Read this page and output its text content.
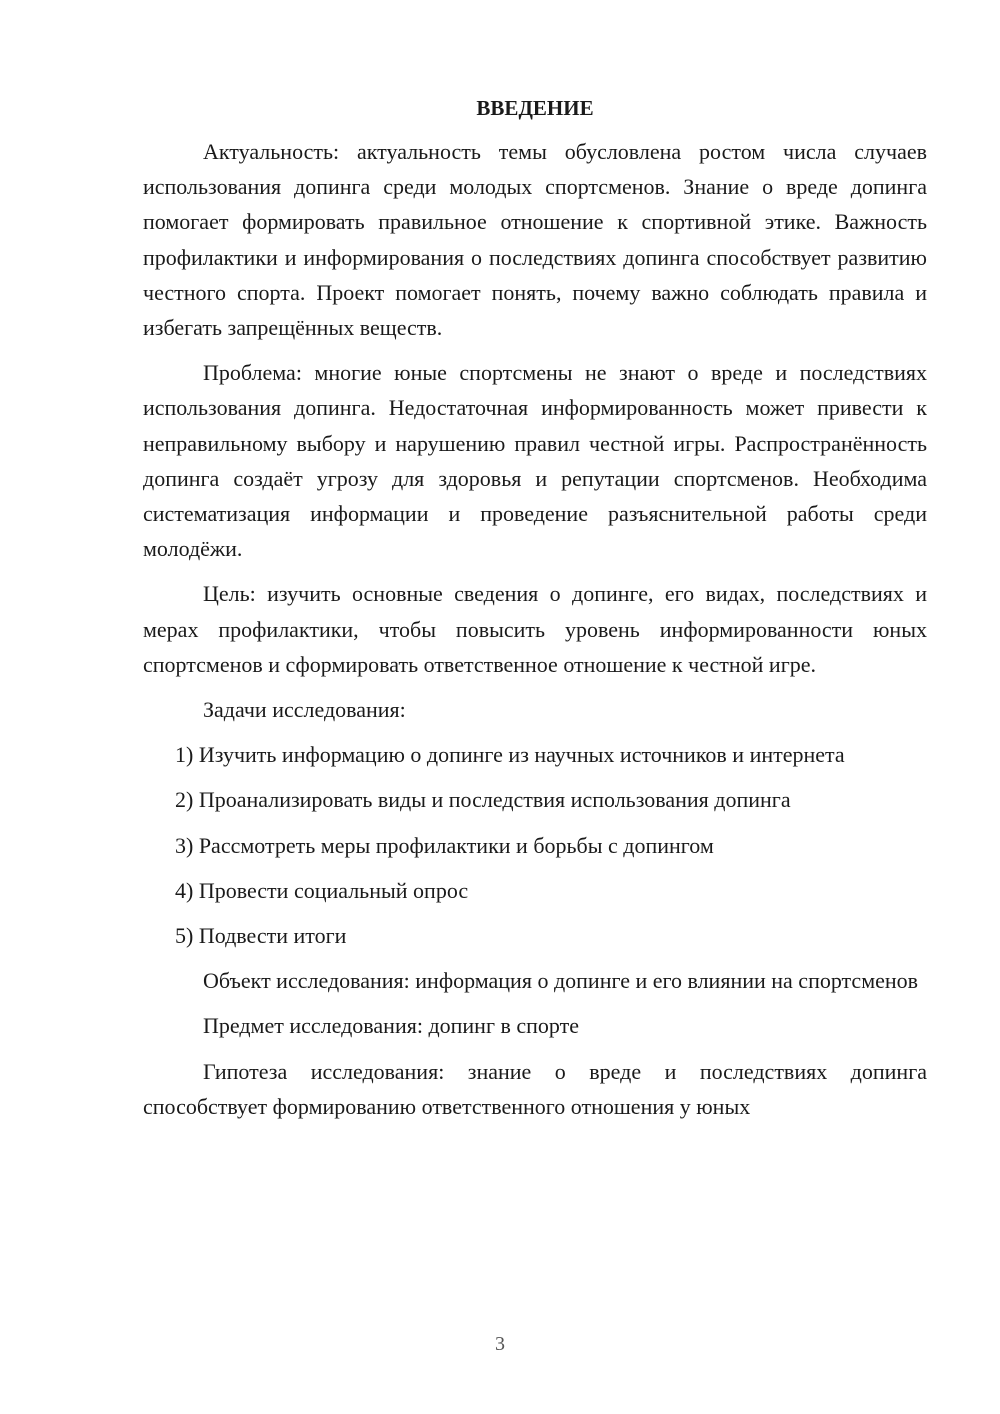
ВВЕДЕНИЕ

Актуальность: актуальность темы обусловлена ростом числа случаев использования допинга среди молодых спортсменов. Знание о вреде допинга помогает формировать правильное отношение к спортивной этике. Важность профилактики и информирования о последствиях допинга способствует развитию честного спорта. Проект помогает понять, почему важно соблюдать правила и избегать запрещённых веществ.

Проблема: многие юные спортсмены не знают о вреде и последствиях использования допинга. Недостаточная информированность может привести к неправильному выбору и нарушению правил честной игры. Распространённость допинга создаёт угрозу для здоровья и репутации спортсменов. Необходима систематизация информации и проведение разъяснительной работы среди молодёжи.

Цель: изучить основные сведения о допинге, его видах, последствиях и мерах профилактики, чтобы повысить уровень информированности юных спортсменов и сформировать ответственное отношение к честной игре.

Задачи исследования:

1) Изучить информацию о допинге из научных источников и интернета

2) Проанализировать виды и последствия использования допинга

3) Рассмотреть меры профилактики и борьбы с допингом

4) Провести социальный опрос

5) Подвести итоги

Объект исследования: информация о допинге и его влиянии на спортсменов

Предмет исследования: допинг в спорте

Гипотеза исследования: знание о вреде и последствиях допинга способствует формированию ответственного отношения у юных

3
